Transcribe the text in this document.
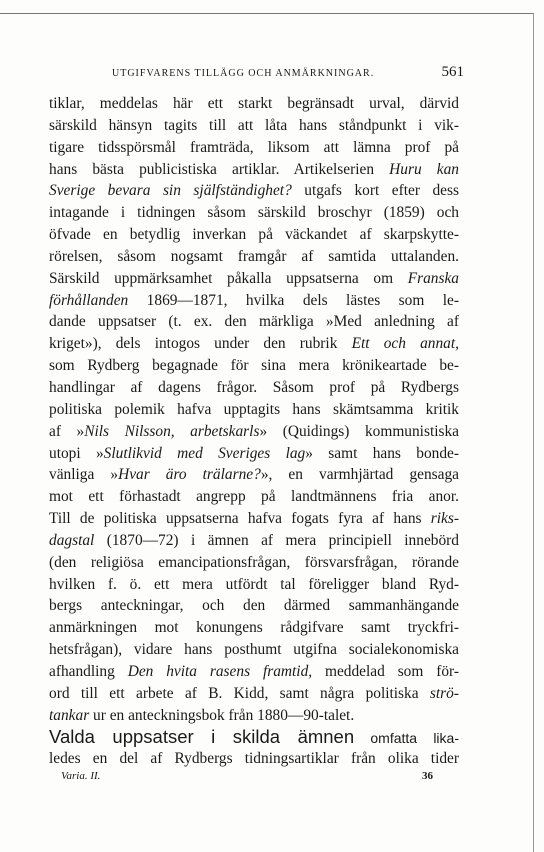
UTGIFVARENS TILLÄGG OCH ANMÄRKNINGAR.	561
tiklar, meddelas här ett starkt begränsadt urval, därvid
särskild hänsyn tagits till att låta hans ståndpunkt i vik-
tigare tidsspörsmål framträda, liksom att lämna prof på
hans bästa publicistiska artiklar. Artikelserien Huru kan
Sverige bevara sin själfständighet? utgafs kort efter dess
intagande i tidningen såsom särskild broschyr (1859) och
öfvade en betydlig inverkan på väckandet af skarpskytte-
rörelsen, såsom nogsamt framgår af samtida uttalanden.
Särskild uppmärksamhet påkalla uppsatserna om Franska
förhållanden 1869—1871, hvilka dels lästes som le-
dande uppsatser (t. ex. den märkliga »Med anledning af
kriget»), dels intogos under den rubrik Ett och annat,
som Rydberg begagnade för sina mera krönikeartade be-
handlingar af dagens frågor. Såsom prof på Rydbergs
politiska polemik hafva upptagits hans skämtsamma kritik
af »Nils Nilsson, arbetskarls» (Quidings) kommunistiska
utopi »Slutlikvid med Sveriges lag» samt hans bonde-
vänliga »Hvar äro trälarne?», en varmhjärtad gensaga
mot ett förhastadt angrepp på landtmännens fria anor.
Till de politiska uppsatserna hafva fogats fyra af hans riks-
dagstal (1870—72) i ämnen af mera principiell innebörd
(den religiösa emancipationsfrågan, försvarsfrågan, rörande
hvilken f. ö. ett mera utfördt tal föreligger bland Ryd-
bergs anteckningar, och den därmed sammanhängande
anmärkningen mot konungens rådgifvare samt tryckfri-
hetsfrågan), vidare hans posthumt utgifna socialekonomiska
afhandling Den hvita rasens framtid, meddelad som för-
ord till ett arbete af B. Kidd, samt några politiska strö-
tankar ur en anteckningsbok från 1880—90-talet.
Valda uppsatser i skilda ämnen omfatta lika-
ledes en del af Rydbergs tidningsartiklar från olika tider
Varia. II.	36
